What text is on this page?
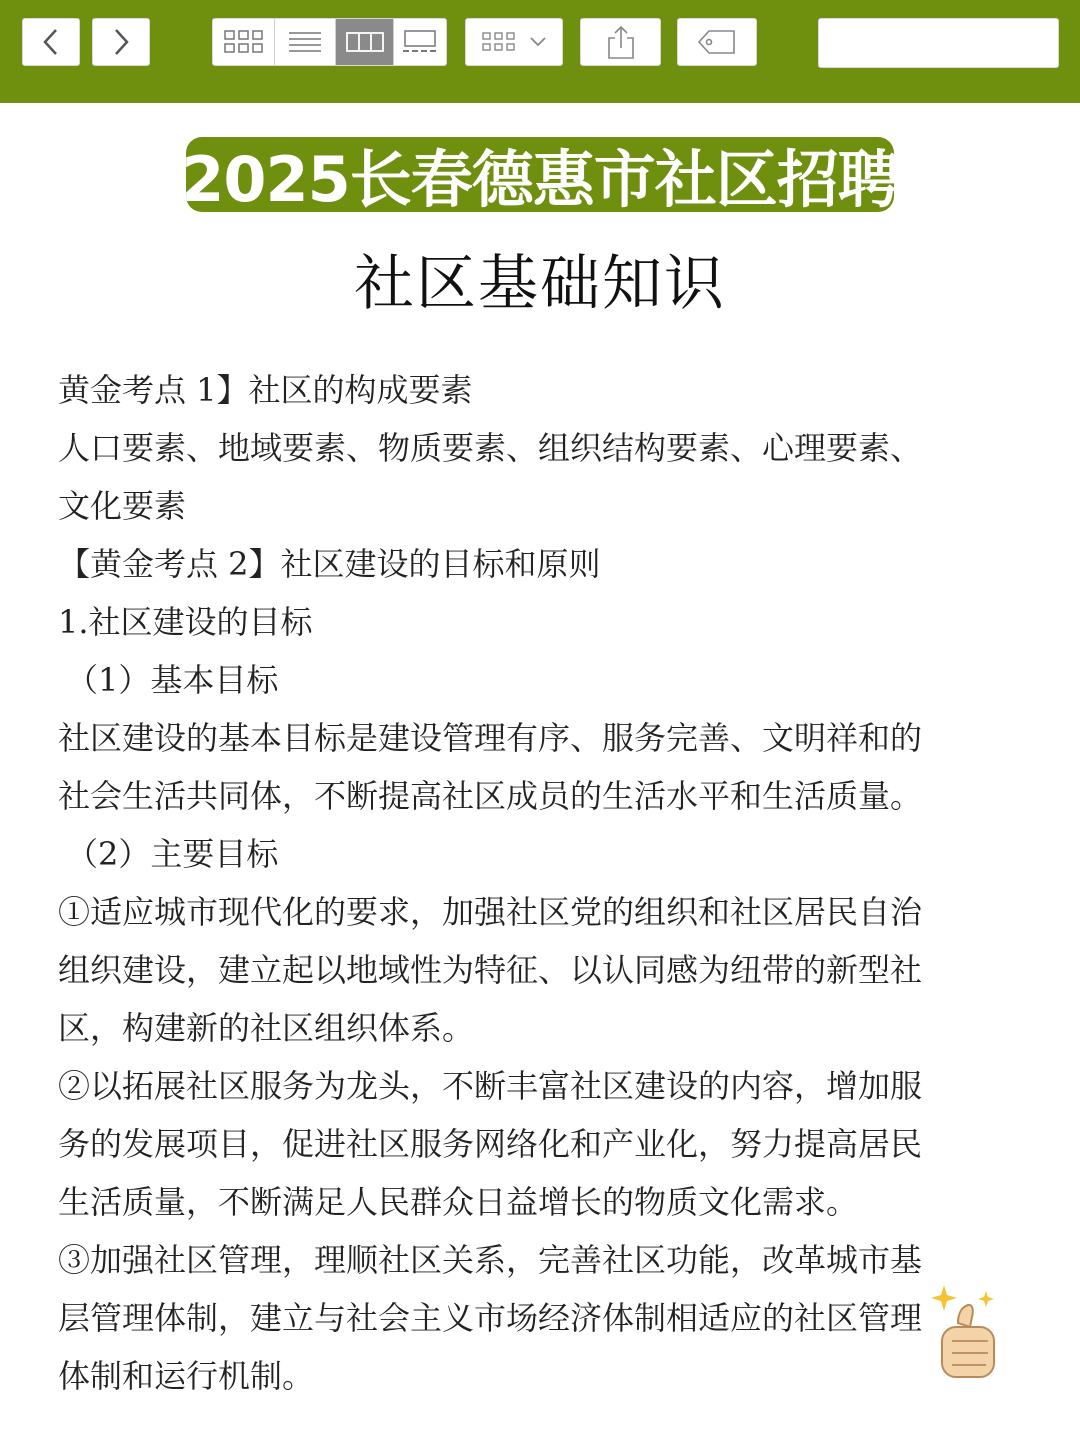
2025长春德惠市社区招聘
社区基础知识

黄金考点 1】社区的构成要素

人口要素、地域要素、物质要素、组织结构要素、心理要素、

文化要素

【黄金考点 2】社区建设的目标和原则

1.社区建设的目标

（1）基本目标

社区建设的基本目标是建设管理有序、服务完善、文明祥和的

社会生活共同体，不断提高社区成员的生活水平和生活质量。

（2）主要目标

①适应城市现代化的要求，加强社区党的组织和社区居民自治

组织建设，建立起以地域性为特征、以认同感为纽带的新型社

区，构建新的社区组织体系。

②以拓展社区服务为龙头，不断丰富社区建设的内容，增加服

务的发展项目，促进社区服务网络化和产业化，努力提高居民

生活质量，不断满足人民群众日益增长的物质文化需求。

③加强社区管理，理顺社区关系，完善社区功能，改革城市基

层管理体制，建立与社会主义市场经济体制相适应的社区管理

体制和运行机制。
